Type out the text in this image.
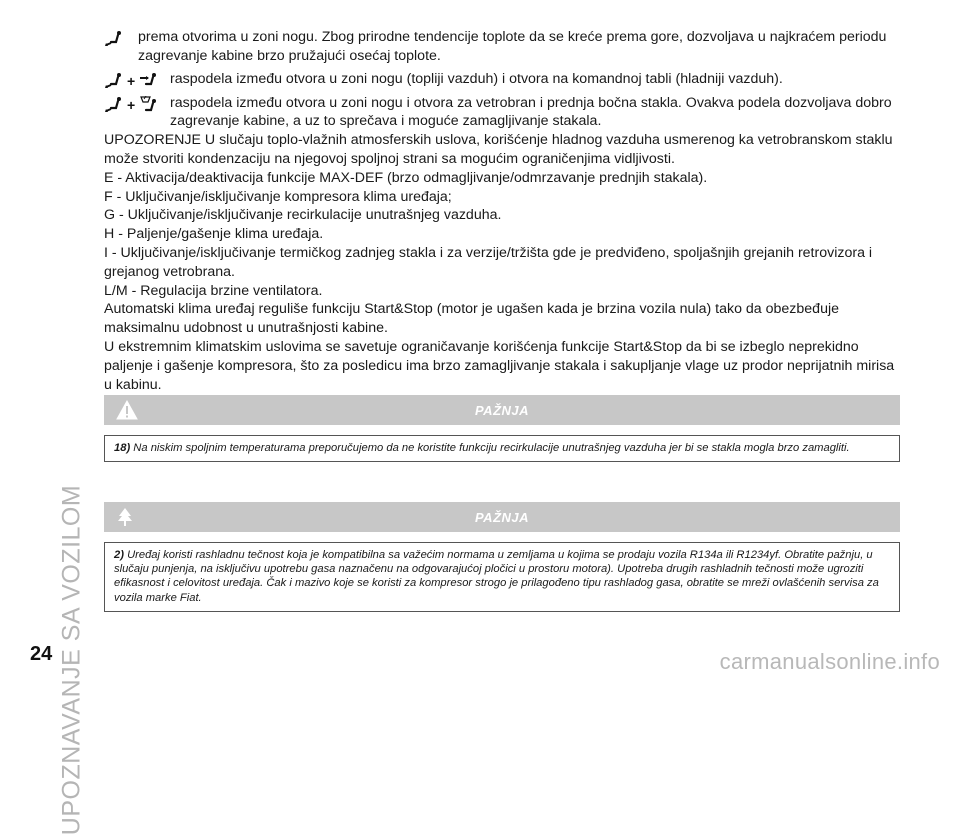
UPOZNAVANJE SA VOZILOM
prema otvorima u zoni nogu. Zbog prirodne tendencije toplote da se kreće prema gore, dozvoljava u najkraćem periodu zagrevanje kabine brzo pružajući osećaj toplote.
+ raspodela između otvora u zoni nogu (topliji vazduh) i otvora na komandnoj tabli (hladniji vazduh).
+ raspodela između otvora u zoni nogu i otvora za vetrobran i prednja bočna stakla. Ovakva podela dozvoljava dobro zagrevanje kabine, a uz to sprečava i moguće zamagljivanje stakala.

UPOZORENJE U slučaju toplo-vlažnih atmosferskih uslova, korišćenje hladnog vazduha usmerenog ka vetrobranskom staklu može stvoriti kondenzaciju na njegovoj spoljnoj strani sa mogućim ograničenjima vidljivosti.

E - Aktivacija/deaktivacija funkcije MAX-DEF (brzo odmagljivanje/odmrzavanje prednjih stakala).

F - Uključivanje/isključivanje kompresora klima uređaja;

G - Uključivanje/isključivanje recirkulacije unutrašnjeg vazduha.

H - Paljenje/gašenje klima uređaja.

I - Uključivanje/isključivanje termičkog zadnjeg stakla i za verzije/tržišta gde je predviđeno, spoljašnjih grejanih retrovizora i grejanog vetrobrana.

L/M - Regulacija brzine ventilatora.

Automatski klima uređaj reguliše funkciju Start&Stop (motor je ugašen kada je brzina vozila nula) tako da obezbeđuje maksimalnu udobnost u unutrašnjosti kabine.

U ekstremnim klimatskim uslovima se savetuje ograničavanje korišćenja funkcije Start&Stop da bi se izbeglo neprekidno paljenje i gašenje kompresora, što za posledicu ima brzo zamagljivanje stakala i sakupljanje vlage uz prodor neprijatnih mirisa u kabinu.

PAŽNJA
18) Na niskim spoljnim temperaturama preporučujemo da ne koristite funkciju recirkulacije unutrašnjeg vazduha jer bi se stakla mogla brzo zamagliti.
PAŽNJA
2) Uređaj koristi rashladnu tečnost koja je kompatibilna sa važećim normama u zemljama u kojima se prodaju vozila R134a ili R1234yf. Obratite pažnju, u slučaju punjenja, na isključivu upotrebu gasa naznačenu na odgovarajućoj pločici u prostoru motora). Upotreba drugih rashladnih tečnosti može ugroziti efikasnost i celovitost uređaja. Čak i mazivo koje se koristi za kompresor strogo je prilagođeno tipu rashladog gasa, obratite se mreži ovlašćenih servisa za vozila marke Fiat.
24	carmanualsonline.info
